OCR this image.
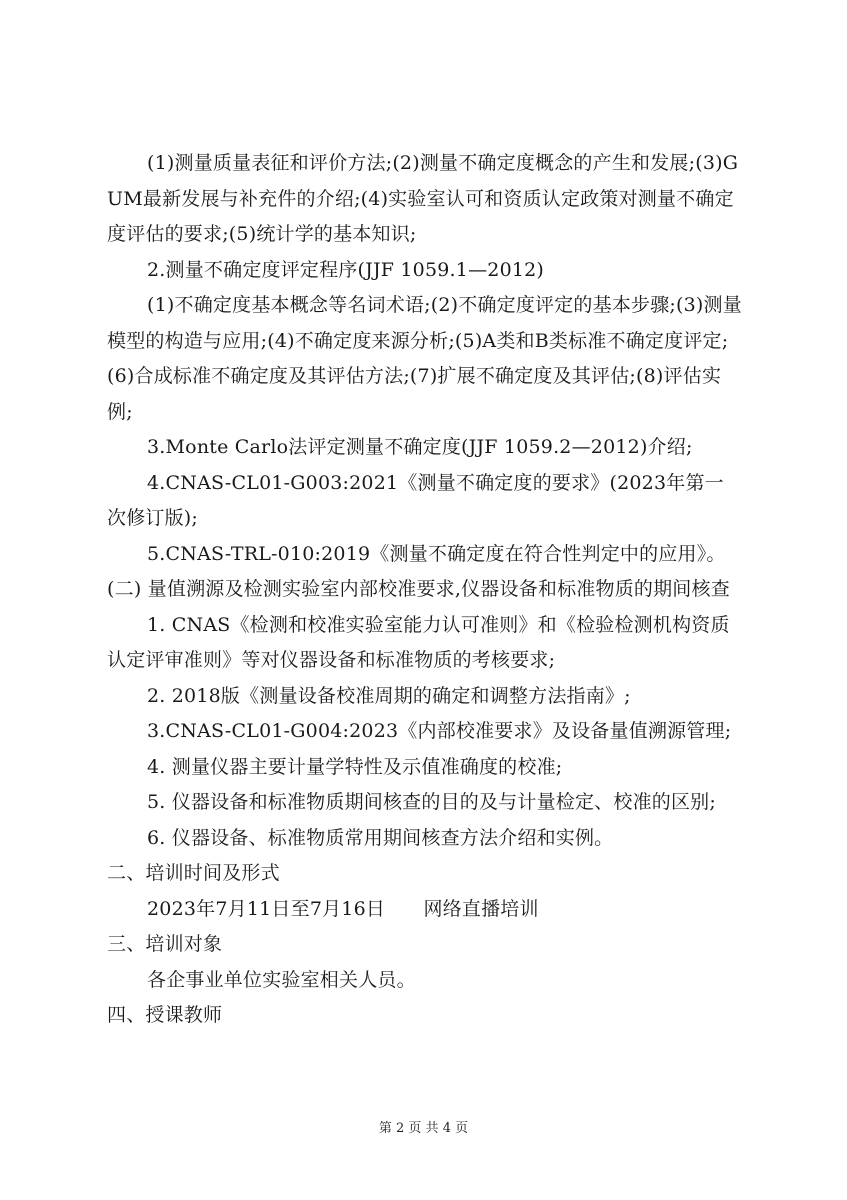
(1)测量质量表征和评价方法;(2)测量不确定度概念的产生和发展;(3)GUM最新发展与补充件的介绍;(4)实验室认可和资质认定政策对测量不确定度评估的要求;(5)统计学的基本知识;

2.测量不确定度评定程序(JJF 1059.1—2012)

(1)不确定度基本概念等名词术语;(2)不确定度评定的基本步骤;(3)测量模型的构造与应用;(4)不确定度来源分析;(5)A类和B类标准不确定度评定;(6)合成标准不确定度及其评估方法;(7)扩展不确定度及其评估;(8)评估实例;

3.Monte Carlo法评定测量不确定度(JJF 1059.2—2012)介绍;

4.CNAS-CL01-G003:2021《测量不确定度的要求》(2023年第一次修订版);

5.CNAS-TRL-010:2019《测量不确定度在符合性判定中的应用》。

(二) 量值溯源及检测实验室内部校准要求,仪器设备和标准物质的期间核查

1. CNAS《检测和校准实验室能力认可准则》和《检验检测机构资质认定评审准则》等对仪器设备和标准物质的考核要求;

2. 2018版《测量设备校准周期的确定和调整方法指南》;

3.CNAS-CL01-G004:2023《内部校准要求》及设备量值溯源管理;

4. 测量仪器主要计量学特性及示值准确度的校准;

5. 仪器设备和标准物质期间核查的目的及与计量检定、校准的区别;

6. 仪器设备、标准物质常用期间核查方法介绍和实例。

二、培训时间及形式

2023年7月11日至7月16日　　网络直播培训

三、培训对象

各企事业单位实验室相关人员。

四、授课教师

第 2 页 共 4 页
